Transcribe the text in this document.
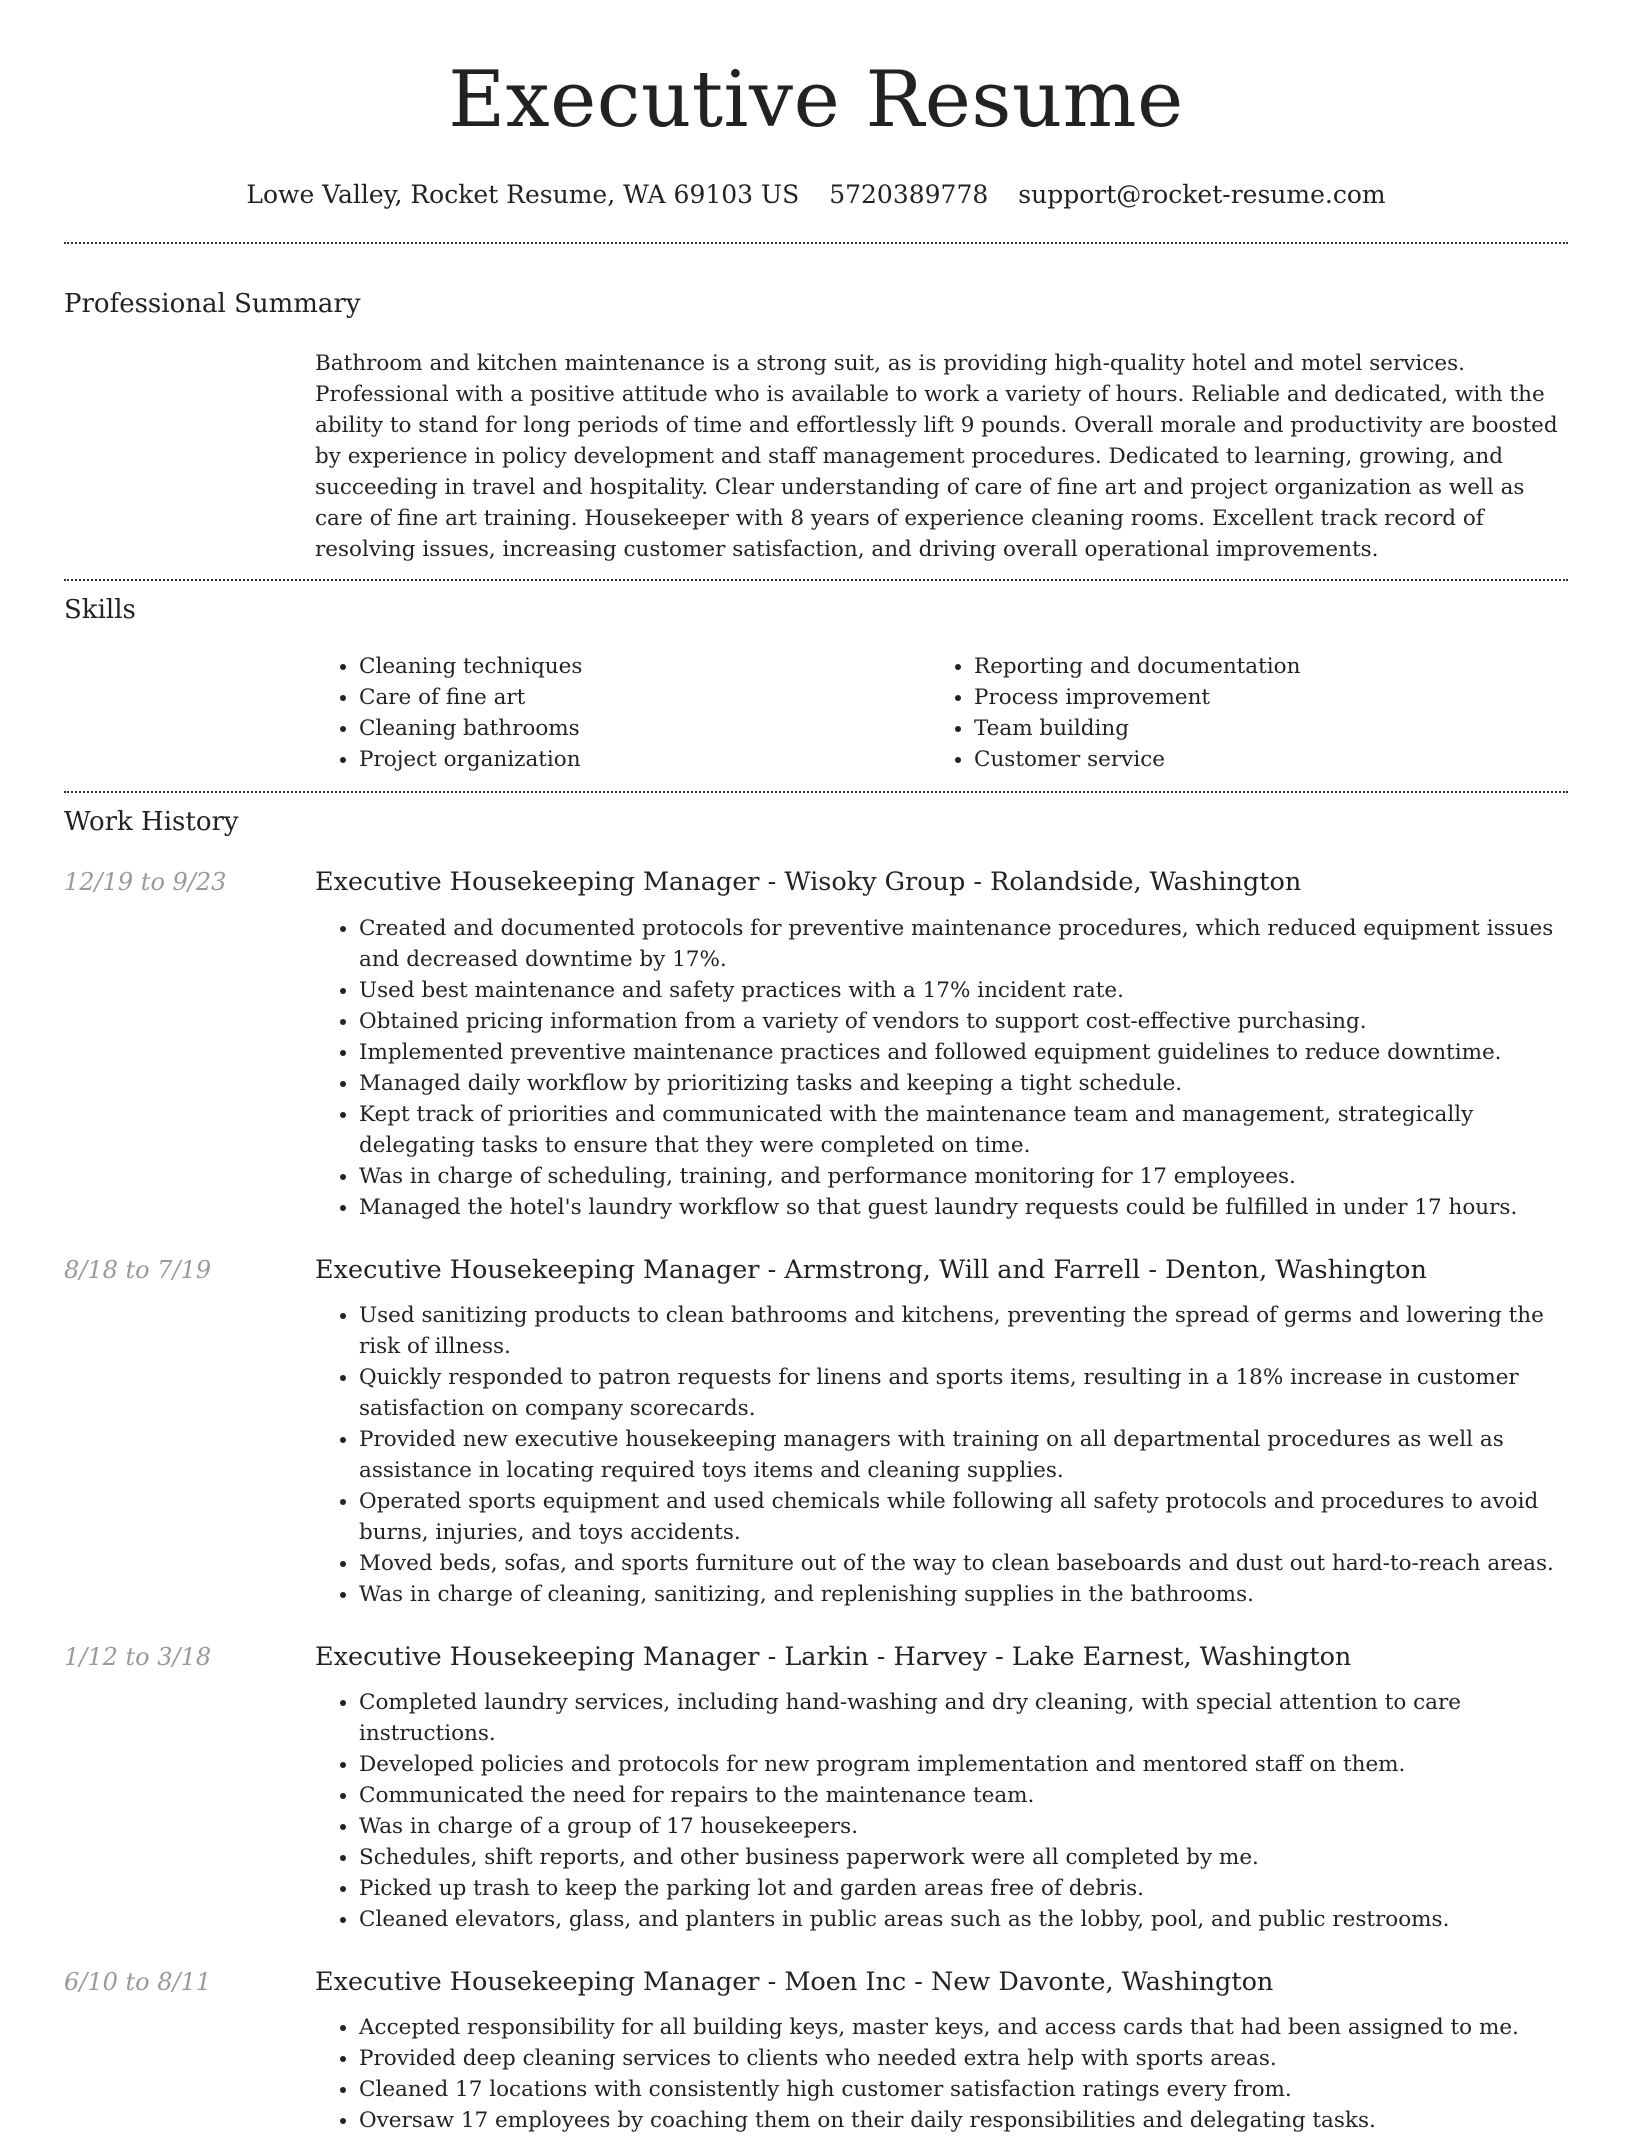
Executive Resume
Lowe Valley, Rocket Resume, WA 69103 US 5720389778 support@rocket-resume.com
Professional Summary
Bathroom and kitchen maintenance is a strong suit, as is providing high-quality hotel and motel services. Professional with a positive attitude who is available to work a variety of hours. Reliable and dedicated, with the ability to stand for long periods of time and effortlessly lift 9 pounds. Overall morale and productivity are boosted by experience in policy development and staff management procedures. Dedicated to learning, growing, and succeeding in travel and hospitality. Clear understanding of care of fine art and project organization as well as care of fine art training. Housekeeper with 8 years of experience cleaning rooms. Excellent track record of resolving issues, increasing customer satisfaction, and driving overall operational improvements.
Skills
• Cleaning techniques
• Care of fine art
• Cleaning bathrooms
• Project organization
• Reporting and documentation
• Process improvement
• Team building
• Customer service
Work History
12/19 to 9/23	Executive Housekeeping Manager - Wisoky Group - Rolandside, Washington
• Created and documented protocols for preventive maintenance procedures, which reduced equipment issues and decreased downtime by 17%.
• Used best maintenance and safety practices with a 17% incident rate.
• Obtained pricing information from a variety of vendors to support cost-effective purchasing.
• Implemented preventive maintenance practices and followed equipment guidelines to reduce downtime.
• Managed daily workflow by prioritizing tasks and keeping a tight schedule.
• Kept track of priorities and communicated with the maintenance team and management, strategically delegating tasks to ensure that they were completed on time.
• Was in charge of scheduling, training, and performance monitoring for 17 employees.
• Managed the hotel's laundry workflow so that guest laundry requests could be fulfilled in under 17 hours.
8/18 to 7/19	Executive Housekeeping Manager - Armstrong, Will and Farrell - Denton, Washington
• Used sanitizing products to clean bathrooms and kitchens, preventing the spread of germs and lowering the risk of illness.
• Quickly responded to patron requests for linens and sports items, resulting in a 18% increase in customer satisfaction on company scorecards.
• Provided new executive housekeeping managers with training on all departmental procedures as well as assistance in locating required toys items and cleaning supplies.
• Operated sports equipment and used chemicals while following all safety protocols and procedures to avoid burns, injuries, and toys accidents.
• Moved beds, sofas, and sports furniture out of the way to clean baseboards and dust out hard-to-reach areas.
• Was in charge of cleaning, sanitizing, and replenishing supplies in the bathrooms.
1/12 to 3/18	Executive Housekeeping Manager - Larkin - Harvey - Lake Earnest, Washington
• Completed laundry services, including hand-washing and dry cleaning, with special attention to care instructions.
• Developed policies and protocols for new program implementation and mentored staff on them.
• Communicated the need for repairs to the maintenance team.
• Was in charge of a group of 17 housekeepers.
• Schedules, shift reports, and other business paperwork were all completed by me.
• Picked up trash to keep the parking lot and garden areas free of debris.
• Cleaned elevators, glass, and planters in public areas such as the lobby, pool, and public restrooms.
6/10 to 8/11	Executive Housekeeping Manager - Moen Inc - New Davonte, Washington
• Accepted responsibility for all building keys, master keys, and access cards that had been assigned to me.
• Provided deep cleaning services to clients who needed extra help with sports areas.
• Cleaned 17 locations with consistently high customer satisfaction ratings every from.
• Oversaw 17 employees by coaching them on their daily responsibilities and delegating tasks.
